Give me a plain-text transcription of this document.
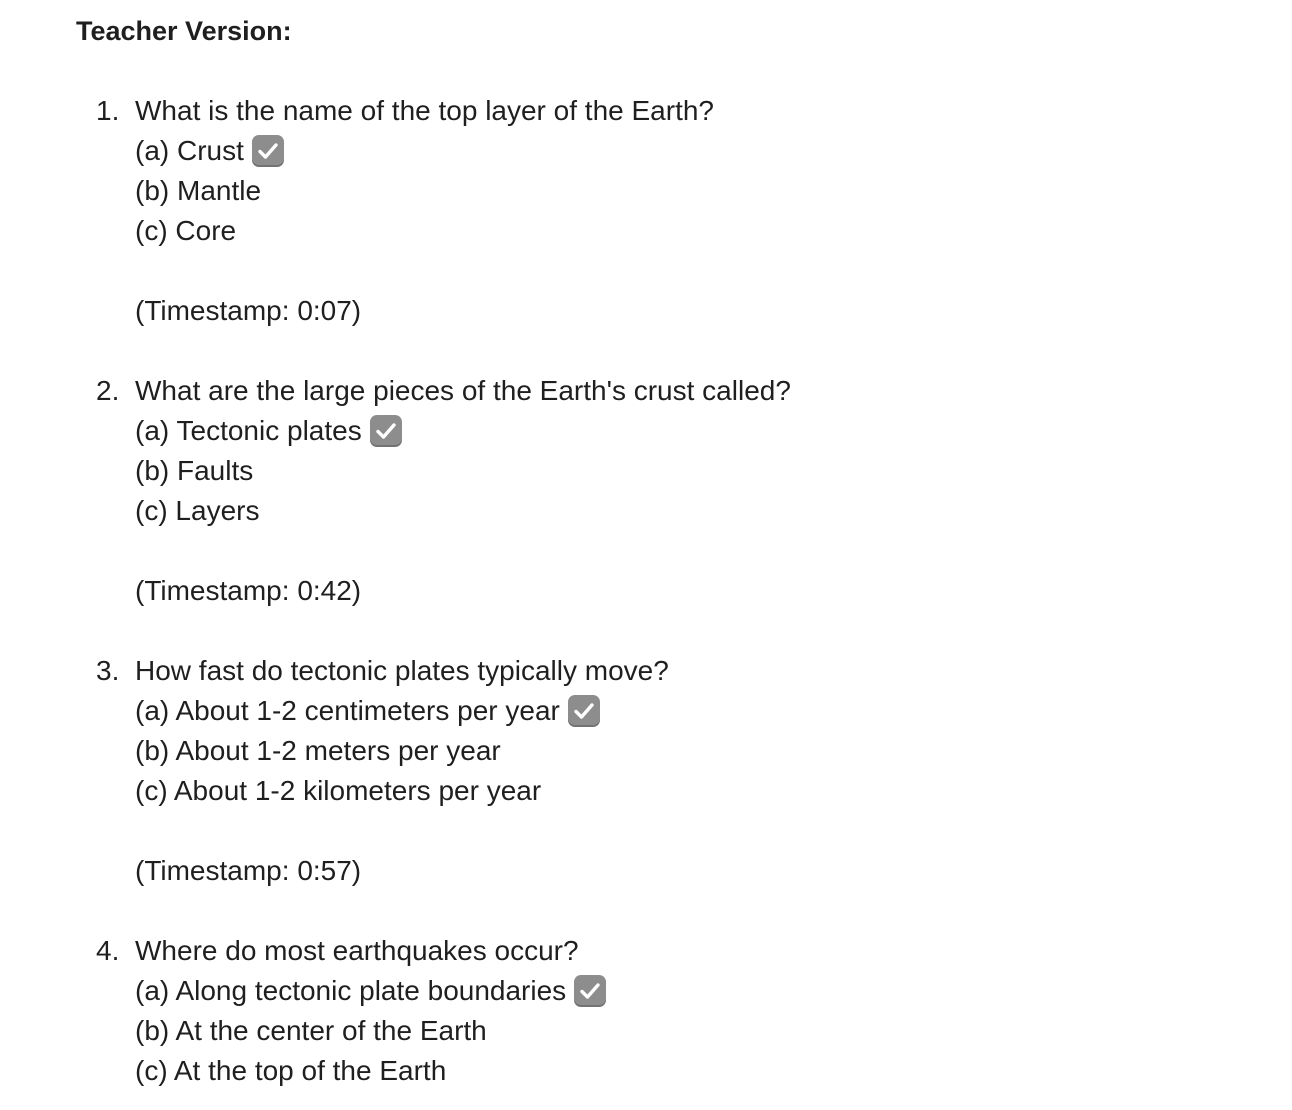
Teacher Version:
1. What is the name of the top layer of the Earth?
(a) Crust
(b) Mantle
(c) Core
(Timestamp: 0:07)
2. What are the large pieces of the Earth's crust called?
(a) Tectonic plates
(b) Faults
(c) Layers
(Timestamp: 0:42)
3. How fast do tectonic plates typically move?
(a) About 1-2 centimeters per year
(b) About 1-2 meters per year
(c) About 1-2 kilometers per year
(Timestamp: 0:57)
4. Where do most earthquakes occur?
(a) Along tectonic plate boundaries
(b) At the center of the Earth
(c) At the top of the Earth
